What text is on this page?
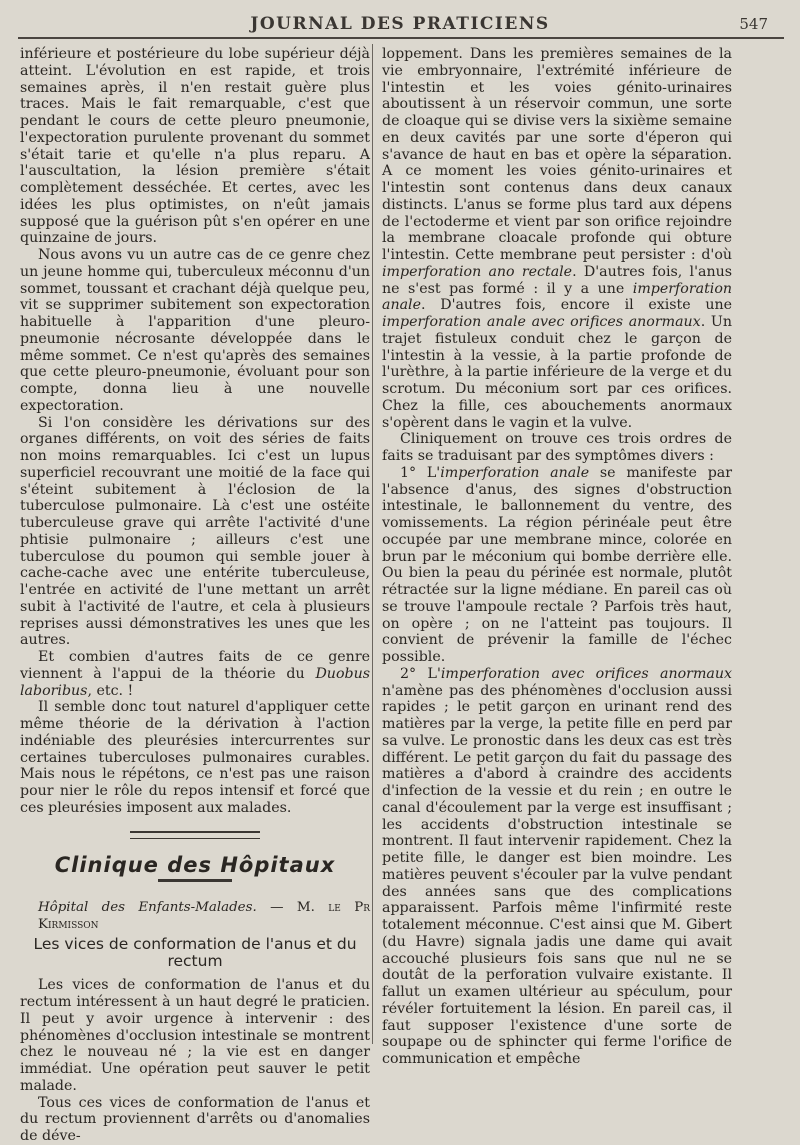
JOURNAL DES PRATICIENS	547

inférieure et postérieure du lobe supérieur déjà atteint. L'évolution en est rapide, et trois semaines après, il n'en restait guère plus traces. Mais le fait remarquable, c'est que pendant le cours de cette pleuro pneumonie, l'expectoration purulente provenant du sommet s'était tarie et qu'elle n'a plus reparu. A l'auscultation, la lésion première s'était complètement desséchée. Et certes, avec les idées les plus optimistes, on n'eût jamais supposé que la guérison pût s'en opérer en une quinzaine de jours.

Nous avons vu un autre cas de ce genre chez un jeune homme qui, tuberculeux méconnu d'un sommet, toussant et crachant déjà quelque peu, vit se supprimer subitement son expectoration habituelle à l'apparition d'une pleuro-pneumonie nécrosante développée dans le même sommet. Ce n'est qu'après des semaines que cette pleuro-pneumonie, évoluant pour son compte, donna lieu à une nouvelle expectoration.

Si l'on considère les dérivations sur des organes différents, on voit des séries de faits non moins remarquables. Ici c'est un lupus superficiel recouvrant une moitié de la face qui s'éteint subitement à l'éclosion de la tuberculose pulmonaire. Là c'est une ostéite tuberculeuse grave qui arrête l'activité d'une phtisie pulmonaire ; ailleurs c'est une tuberculose du poumon qui semble jouer à cache-cache avec une entérite tuberculeuse, l'entrée en activité de l'une mettant un arrêt subit à l'activité de l'autre, et cela à plusieurs reprises aussi démonstratives les unes que les autres.

Et combien d'autres faits de ce genre viennent à l'appui de la théorie du Duobus laboribus, etc. !

Il semble donc tout naturel d'appliquer cette même théorie de la dérivation à l'action indéniable des pleurésies intercurrentes sur certaines tuberculoses pulmonaires curables. Mais nous le répétons, ce n'est pas une raison pour nier le rôle du repos intensif et forcé que ces pleurésies imposent aux malades.

Clinique des Hôpitaux
Hôpital des Enfants-Malades. — M. le Pr Kirmisson
Les vices de conformation de l'anus et du rectum

Les vices de conformation de l'anus et du rectum intéressent à un haut degré le praticien. Il peut y avoir urgence à intervenir : des phénomènes d'occlusion intestinale se montrent chez le nouveau né ; la vie est en danger immédiat. Une opération peut sauver le petit malade.

Tous ces vices de conformation de l'anus et du rectum proviennent d'arrêts ou d'anomalies de déve-

loppement. Dans les premières semaines de la vie embryonnaire, l'extrémité inférieure de l'intestin et les voies génito-urinaires aboutissent à un réservoir commun, une sorte de cloaque qui se divise vers la sixième semaine en deux cavités par une sorte d'éperon qui s'avance de haut en bas et opère la séparation. A ce moment les voies génito-urinaires et l'intestin sont contenus dans deux canaux distincts. L'anus se forme plus tard aux dépens de l'ectoderme et vient par son orifice rejoindre la membrane cloacale profonde qui obture l'intestin. Cette membrane peut persister : d'où imperforation ano rectale. D'autres fois, l'anus ne s'est pas formé : il y a une imperforation anale. D'autres fois, encore il existe une imperforation anale avec orifices anormaux. Un trajet fistuleux conduit chez le garçon de l'intestin à la vessie, à la partie profonde de l'urèthre, à la partie inférieure de la verge et du scrotum. Du méconium sort par ces orifices. Chez la fille, ces abouchements anormaux s'opèrent dans le vagin et la vulve.

Cliniquement on trouve ces trois ordres de faits se traduisant par des symptômes divers :

1° L'imperforation anale se manifeste par l'absence d'anus, des signes d'obstruction intestinale, le ballonnement du ventre, des vomissements. La région périnéale peut être occupée par une membrane mince, colorée en brun par le méconium qui bombe derrière elle. Ou bien la peau du périnée est normale, plutôt rétractée sur la ligne médiane. En pareil cas où se trouve l'ampoule rectale ? Parfois très haut, on opère ; on ne l'atteint pas toujours. Il convient de prévenir la famille de l'échec possible.

2° L'imperforation avec orifices anormaux n'amène pas des phénomènes d'occlusion aussi rapides ; le petit garçon en urinant rend des matières par la verge, la petite fille en perd par sa vulve. Le pronostic dans les deux cas est très différent. Le petit garçon du fait du passage des matières a d'abord à craindre des accidents d'infection de la vessie et du rein ; en outre le canal d'écoulement par la verge est insuffisant ; les accidents d'obstruction intestinale se montrent. Il faut intervenir rapidement. Chez la petite fille, le danger est bien moindre. Les matières peuvent s'écouler par la vulve pendant des années sans que des complications apparaissent. Parfois même l'infirmité reste totalement méconnue. C'est ainsi que M. Gibert (du Havre) signala jadis une dame qui avait accouché plusieurs fois sans que nul ne se doutât de la perforation vulvaire existante. Il fallut un examen ultérieur au spéculum, pour révéler fortuitement la lésion. En pareil cas, il faut supposer l'existence d'une sorte de soupape ou de sphincter qui ferme l'orifice de communication et empêche
